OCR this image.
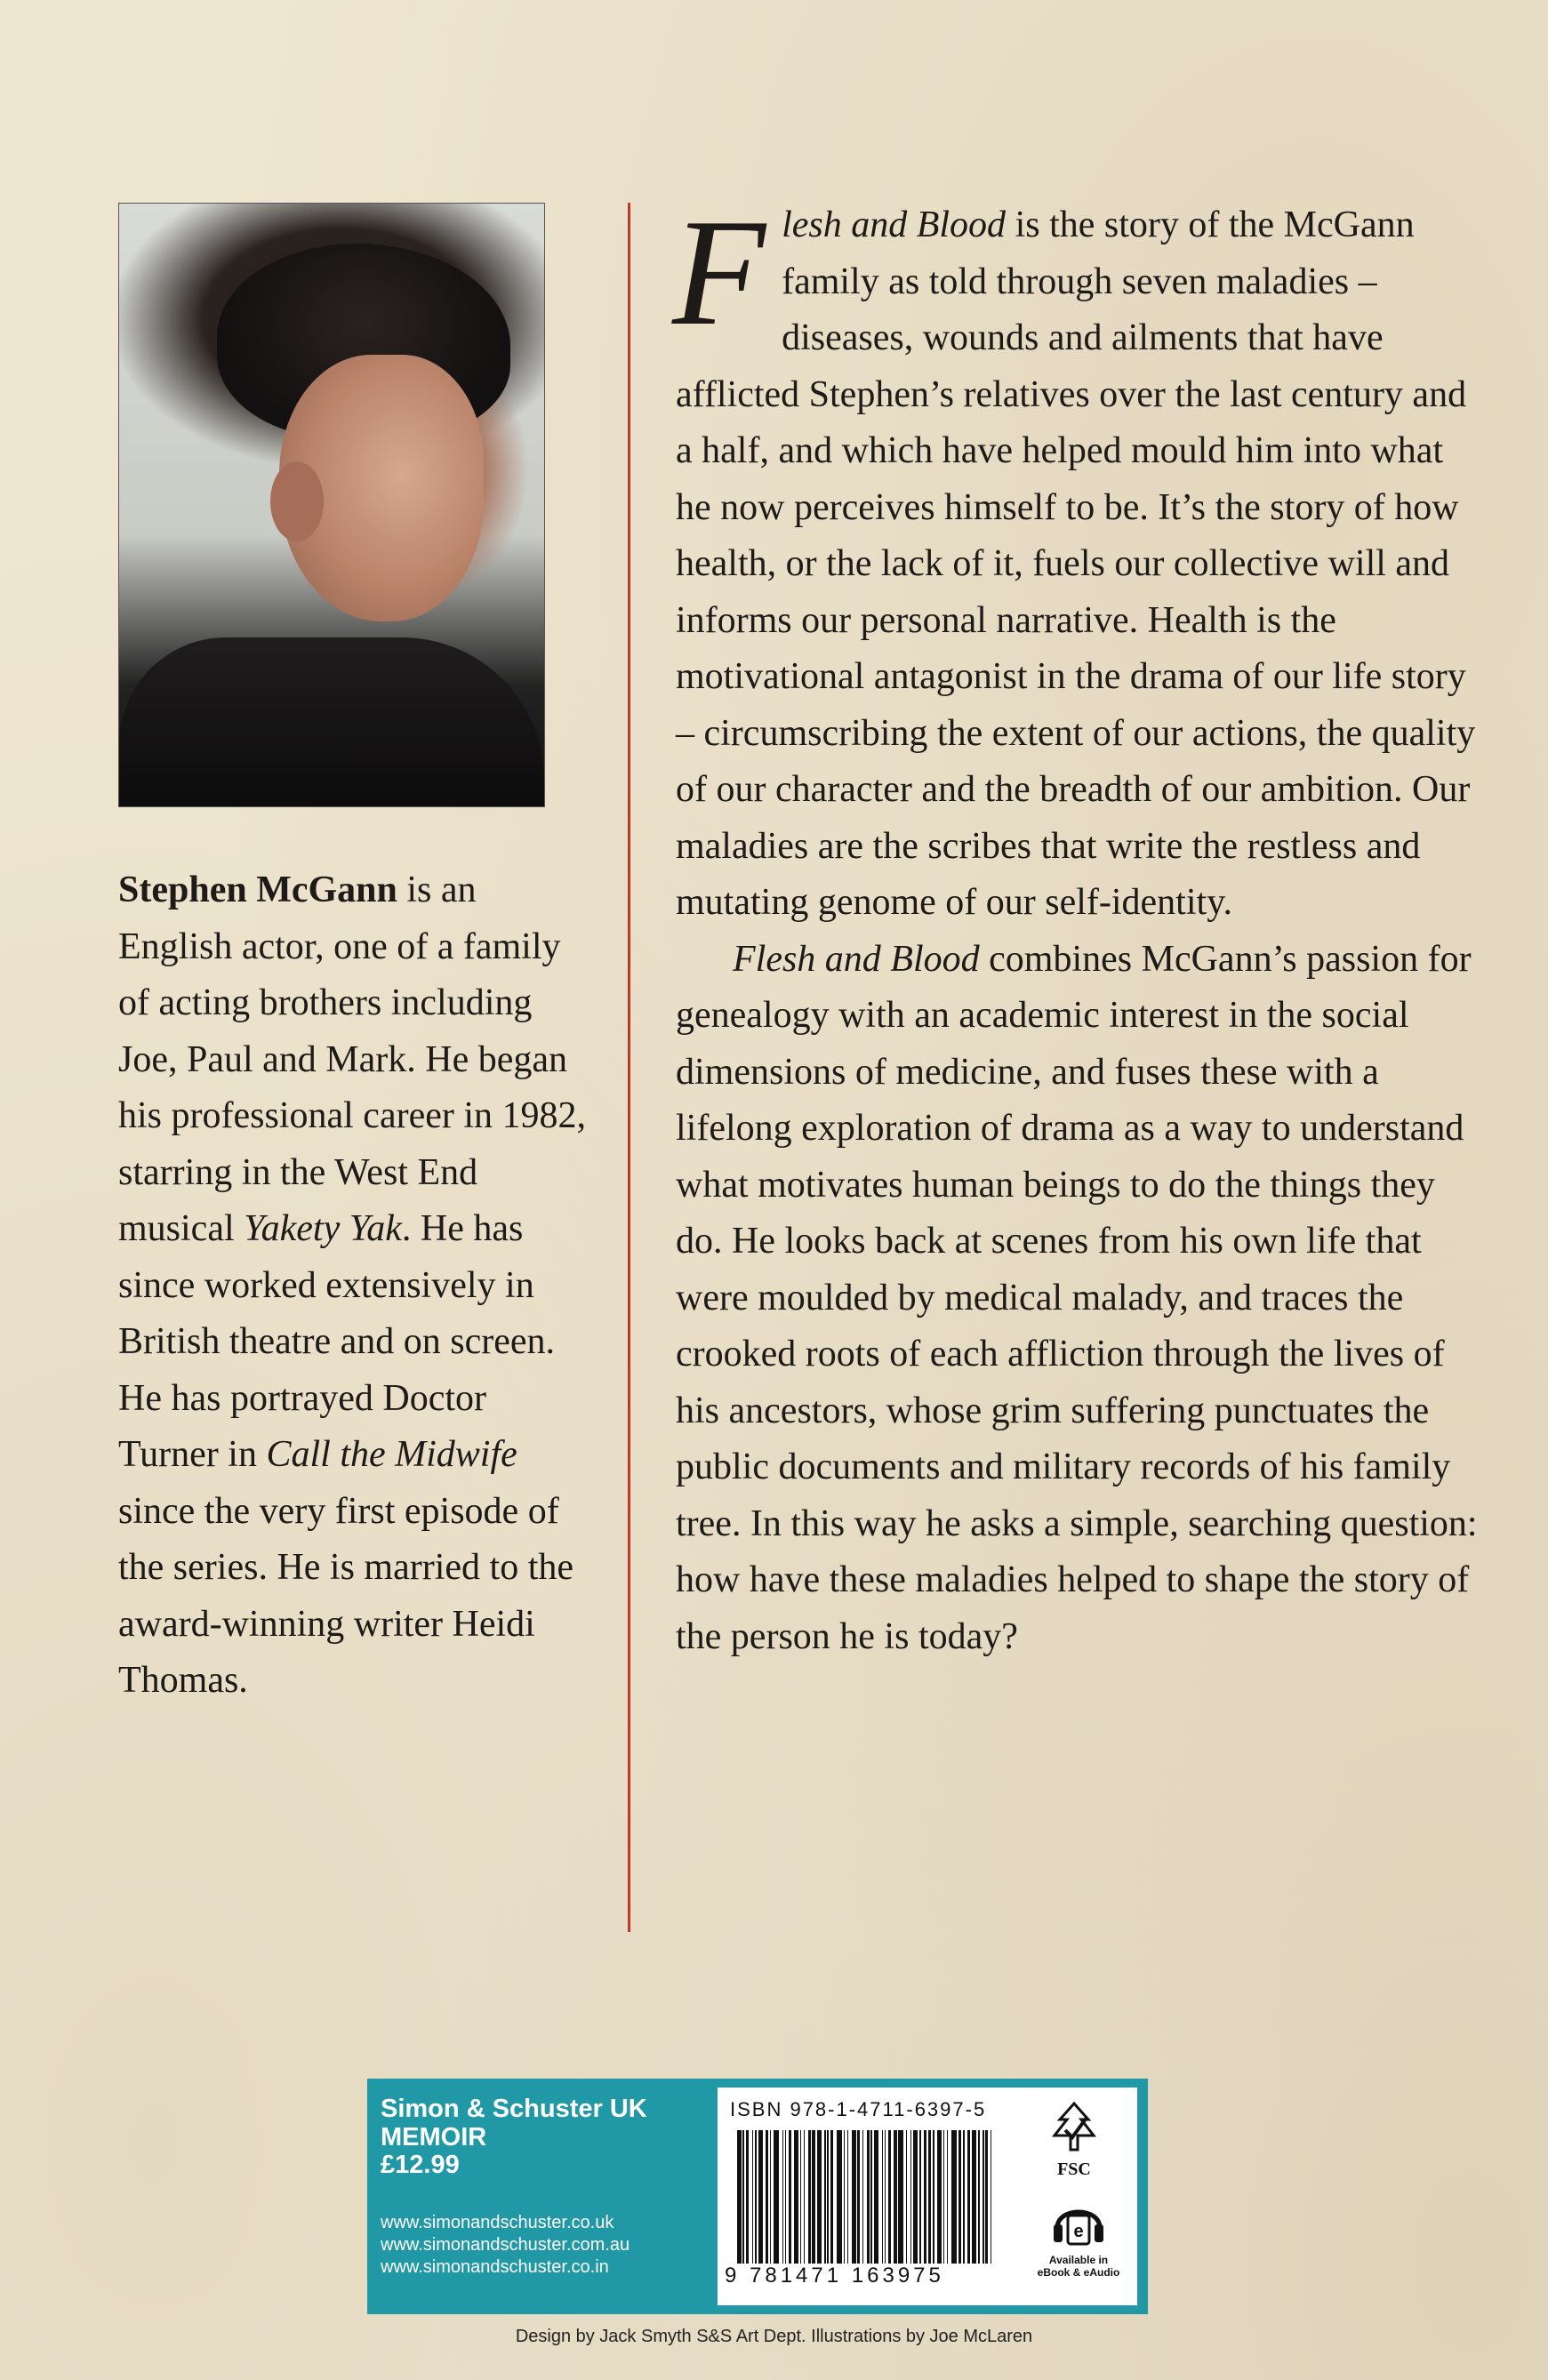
Stephen McGann is an English actor, one of a family of acting brothers including Joe, Paul and Mark. He began his professional career in 1982, starring in the West End musical Yakety Yak. He has since worked extensively in British theatre and on screen. He has portrayed Doctor Turner in Call the Midwife since the very first episode of the series. He is married to the award-winning writer Heidi Thomas.

Flesh and Blood is the story of the McGann family as told through seven maladies – diseases, wounds and ailments that have afflicted Stephen’s relatives over the last century and a half, and which have helped mould him into what he now perceives himself to be. It’s the story of how health, or the lack of it, fuels our collective will and informs our personal narrative. Health is the motivational antagonist in the drama of our life story – circumscribing the extent of our actions, the quality of our character and the breadth of our ambition. Our maladies are the scribes that write the restless and mutating genome of our self-identity.

Flesh and Blood combines McGann’s passion for genealogy with an academic interest in the social dimensions of medicine, and fuses these with a lifelong exploration of drama as a way to understand what motivates human beings to do the things they do. He looks back at scenes from his own life that were moulded by medical malady, and traces the crooked roots of each affliction through the lives of his ancestors, whose grim suffering punctuates the public documents and military records of his family tree. In this way he asks a simple, searching question: how have these maladies helped to shape the story of the person he is today?

Simon & Schuster UK
MEMOIR
£12.99
www.simonandschuster.co.uk
www.simonandschuster.com.au
www.simonandschuster.co.in
ISBN 978-1-4711-6397-5
9 781471 163975
FSC
e
Available in eBook & eAudio
Design by Jack Smyth S&S Art Dept. Illustrations by Joe McLaren
